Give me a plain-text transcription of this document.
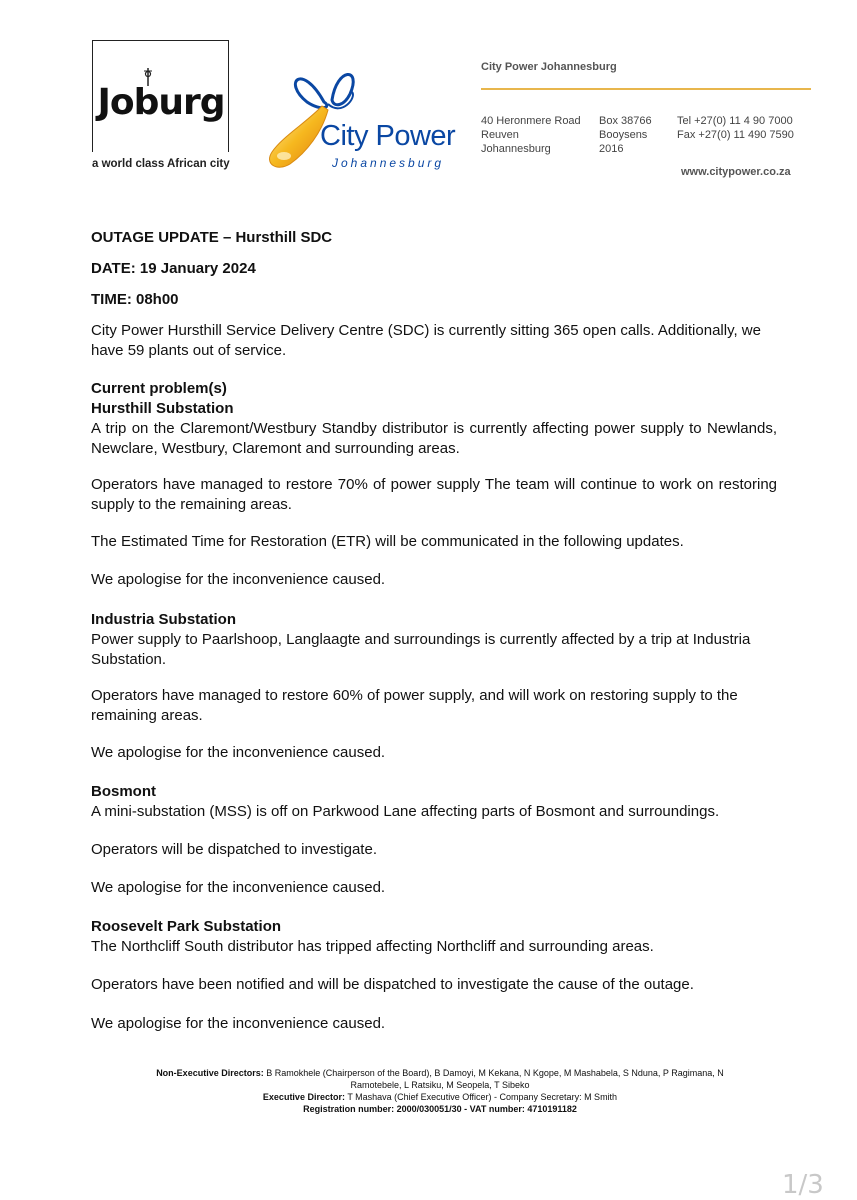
Joburg
a world class African city
City Power
Johannesburg
City Power Johannesburg
40 Heronmere Road
Reuven
Johannesburg
Box 38766
Booysens
2016
Tel +27(0) 11 4 90 7000
Fax +27(0) 11 490 7590
www.citypower.co.za
OUTAGE UPDATE – Hursthill SDC
DATE: 19 January 2024
TIME: 08h00
City Power Hursthill Service Delivery Centre (SDC) is currently sitting 365 open calls. Additionally, we have 59 plants out of service.
Current problem(s)
Hursthill Substation
A trip on the Claremont/Westbury Standby distributor is currently affecting power supply to Newlands, Newclare, Westbury, Claremont and surrounding areas.
Operators have managed to restore 70% of power supply The team will continue to work on restoring supply to the remaining areas.
The Estimated Time for Restoration (ETR) will be communicated in the following updates.
We apologise for the inconvenience caused.
Industria Substation
Power supply to Paarlshoop, Langlaagte and surroundings is currently affected by a trip at Industria Substation.
Operators have managed to restore 60% of power supply, and will work on restoring supply to the remaining areas.
We apologise for the inconvenience caused.
Bosmont
A mini-substation (MSS) is off on Parkwood Lane affecting parts of Bosmont and surroundings.
Operators will be dispatched to investigate.
We apologise for the inconvenience caused.
Roosevelt Park Substation
The Northcliff South distributor has tripped affecting Northcliff and surrounding areas.
Operators have been notified and will be dispatched to investigate the cause of the outage.
We apologise for the inconvenience caused.
Non-Executive Directors: B Ramokhele (Chairperson of the Board), B Damoyi, M Kekana, N Kgope, M Mashabela, S Nduna, P Ragimana, N Ramotebele, L Ratsiku, M Seopela, T Sibeko
Executive Director: T Mashava (Chief Executive Officer) - Company Secretary: M Smith
Registration number: 2000/030051/30 - VAT number: 4710191182
1/3
